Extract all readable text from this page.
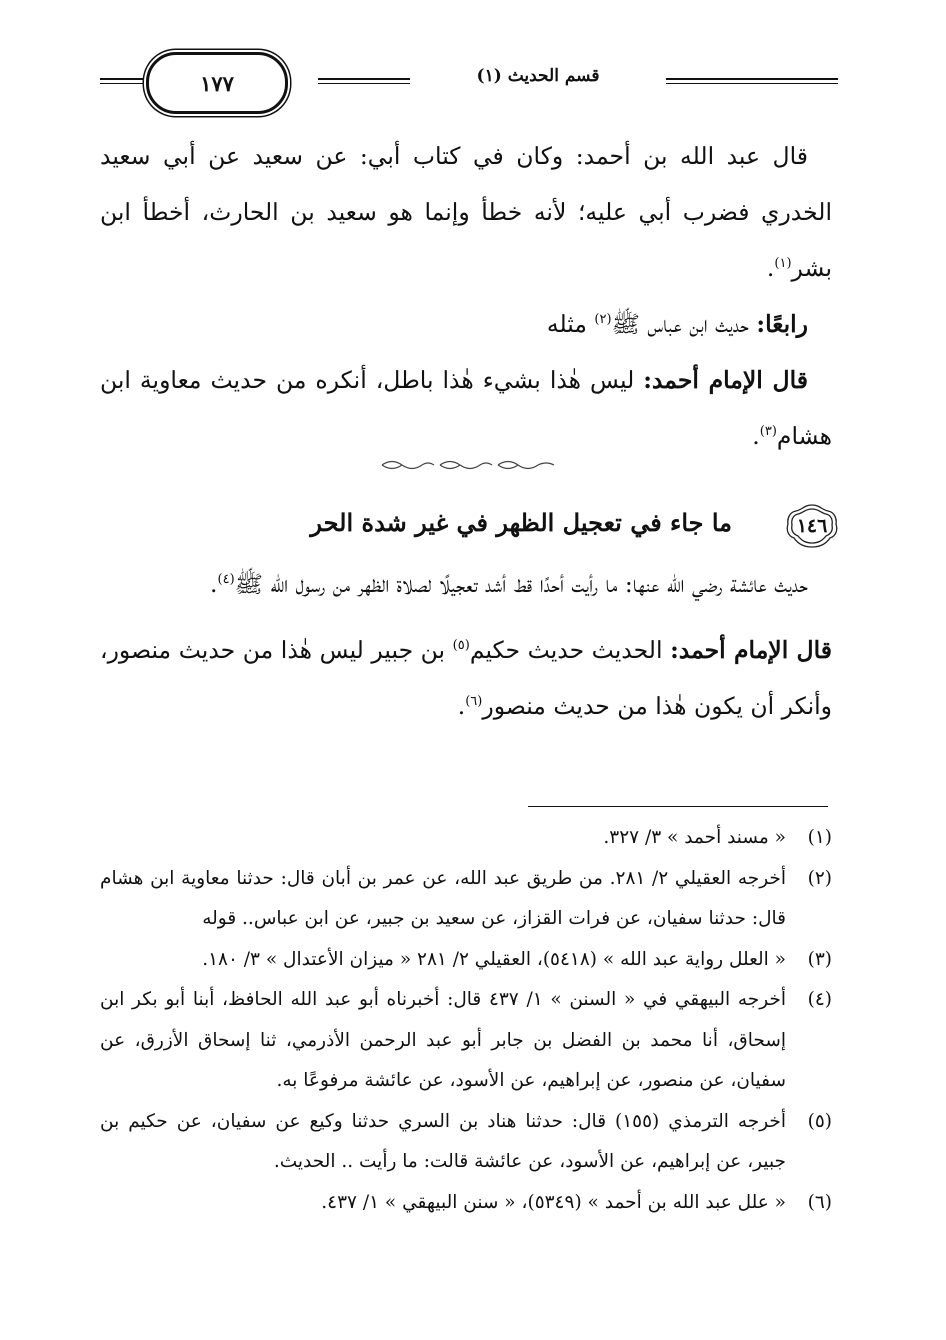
قسم الحديث (١)
١٧٧

قال عبد الله بن أحمد: وكان في كتاب أبي: عن سعيد عن أبي سعيد الخدري فضرب أبي عليه؛ لأنه خطأ وإنما هو سعيد بن الحارث، أخطأ ابن بشر$^{(١)}$.

رابعًا: حديث ابن عباس ﷺ$^{(٢)}$ مثله

قال الإمام أحمد: ليس هٰذا بشيء هٰذا باطل، أنكره من حديث معاوية ابن هشام$^{(٣)}$.

١٤٦
ما جاء في تعجيل الظهر في غير شدة الحر

حديث عائشة رضي الله عنها: ما رأيت أحدًا قط أشد تعجيلًا لصلاة الظهر من رسول الله ﷺ$^{(٤)}$.

قال الإمام أحمد: الحديث حديث حكيم$^{(٥)}$ بن جبير ليس هٰذا من حديث منصور، وأنكر أن يكون هٰذا من حديث منصور$^{(٦)}$.

(١)
« مسند أحمد » ٣/ ٣٢٧.
(٢)
أخرجه العقيلي ٢/ ٢٨١. من طريق عبد الله، عن عمر بن أبان قال: حدثنا معاوية ابن هشام قال: حدثنا سفيان، عن فرات القزاز، عن سعيد بن جبير، عن ابن عباس.. قوله
(٣)
« العلل رواية عبد الله » (٥٤١٨)، العقيلي ٢/ ٢٨١ « ميزان الأعتدال » ٣/ ١٨٠.
(٤)
أخرجه البيهقي في « السنن » ١/ ٤٣٧ قال: أخبرناه أبو عبد الله الحافظ، أبنا أبو بكر ابن إسحاق، أنا محمد بن الفضل بن جابر أبو عبد الرحمن الأذرمي، ثنا إسحاق الأزرق، عن سفيان، عن منصور، عن إبراهيم، عن الأسود، عن عائشة مرفوعًا به.
(٥)
أخرجه الترمذي (١٥٥) قال: حدثنا هناد بن السري حدثنا وكيع عن سفيان، عن حكيم بن جبير، عن إبراهيم، عن الأسود، عن عائشة قالت: ما رأيت .. الحديث.
(٦)
« علل عبد الله بن أحمد » (٥٣٤٩)، « سنن البيهقي » ١/ ٤٣٧.
